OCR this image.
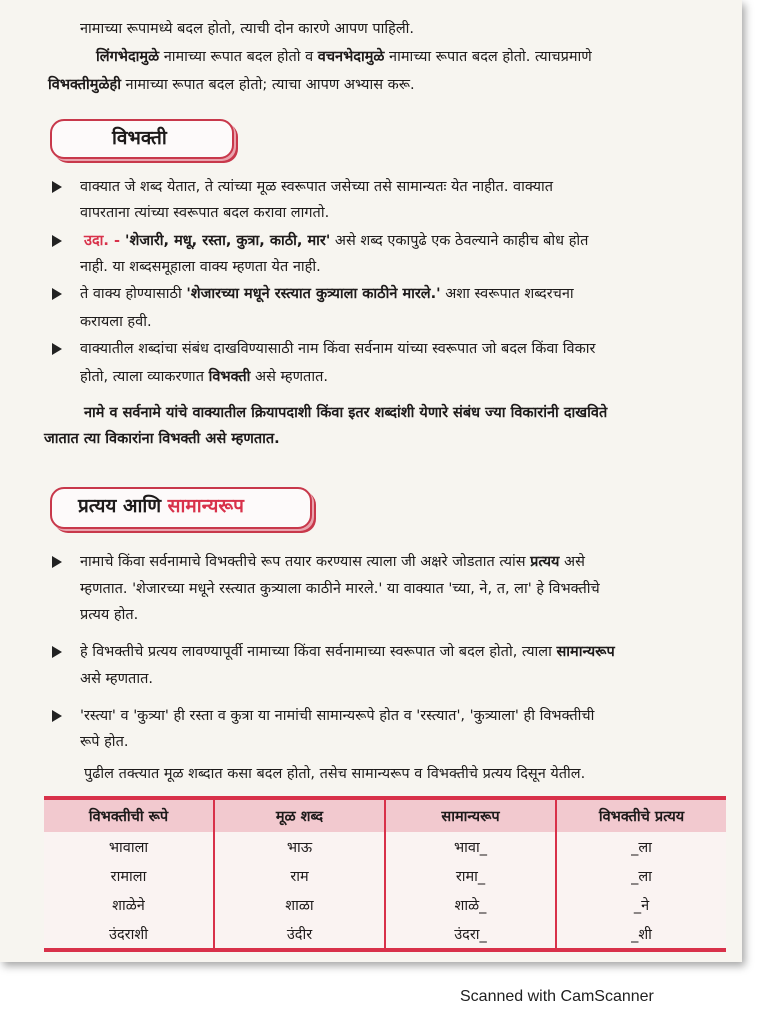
नामाच्या रूपामध्ये बदल होतो, त्याची दोन कारणे आपण पाहिली.
लिंगभेदामुळे नामाच्या रूपात बदल होतो व वचनभेदामुळे नामाच्या रूपात बदल होतो. त्याचप्रमाणे
विभक्तीमुळेही नामाच्या रूपात बदल होतो; त्याचा आपण अभ्यास करू.
विभक्ती
वाक्यात जे शब्द येतात, ते त्यांच्या मूळ स्वरूपात जसेच्या तसे सामान्यतः येत नाहीत. वाक्यात
वापरताना त्यांच्या स्वरूपात बदल करावा लागतो.
उदा. - 'शेजारी, मधू, रस्ता, कुत्रा, काठी, मार' असे शब्द एकापुढे एक ठेवल्याने काहीच बोध होत
नाही. या शब्दसमूहाला वाक्य म्हणता येत नाही.
ते वाक्य होण्यासाठी 'शेजारच्या मधूने रस्त्यात कुत्र्याला काठीने मारले.' अशा स्वरूपात शब्दरचना
करायला हवी.
वाक्यातील शब्दांचा संबंध दाखविण्यासाठी नाम किंवा सर्वनाम यांच्या स्वरूपात जो बदल किंवा विकार
होतो, त्याला व्याकरणात विभक्ती असे म्हणतात.
नामे व सर्वनामे यांचे वाक्यातील क्रियापदाशी किंवा इतर शब्दांशी येणारे संबंध ज्या विकारांनी दाखविते
जातात त्या विकारांना विभक्ती असे म्हणतात.
प्रत्यय आणि सामान्यरूप
नामाचे किंवा सर्वनामाचे विभक्तीचे रूप तयार करण्यास त्याला जी अक्षरे जोडतात त्यांस प्रत्यय असे
म्हणतात. 'शेजारच्या मधूने रस्त्यात कुत्र्याला काठीने मारले.' या वाक्यात 'च्या, ने, त, ला' हे विभक्तीचे
प्रत्यय होत.
हे विभक्तीचे प्रत्यय लावण्यापूर्वी नामाच्या किंवा सर्वनामाच्या स्वरूपात जो बदल होतो, त्याला सामान्यरूप
असे म्हणतात.
'रस्त्या' व 'कुत्र्या' ही रस्ता व कुत्रा या नामांची सामान्यरूपे होत व 'रस्त्यात', 'कुत्र्याला' ही विभक्तीची
रूपे होत.
पुढील तक्त्यात मूळ शब्दात कसा बदल होतो, तसेच सामान्यरूप व विभक्तीचे प्रत्यय दिसून येतील.
विभक्तीची रूपे	मूळ शब्द	सामान्यरूप	विभक्तीचे प्रत्यय
भावाला	भाऊ	भावा_	_ला
रामाला	राम	रामा_	_ला
शाळेने	शाळा	शाळे_	_ने
उंदराशी	उंदीर	उंदरा_	_शी
Scanned with CamScanner
